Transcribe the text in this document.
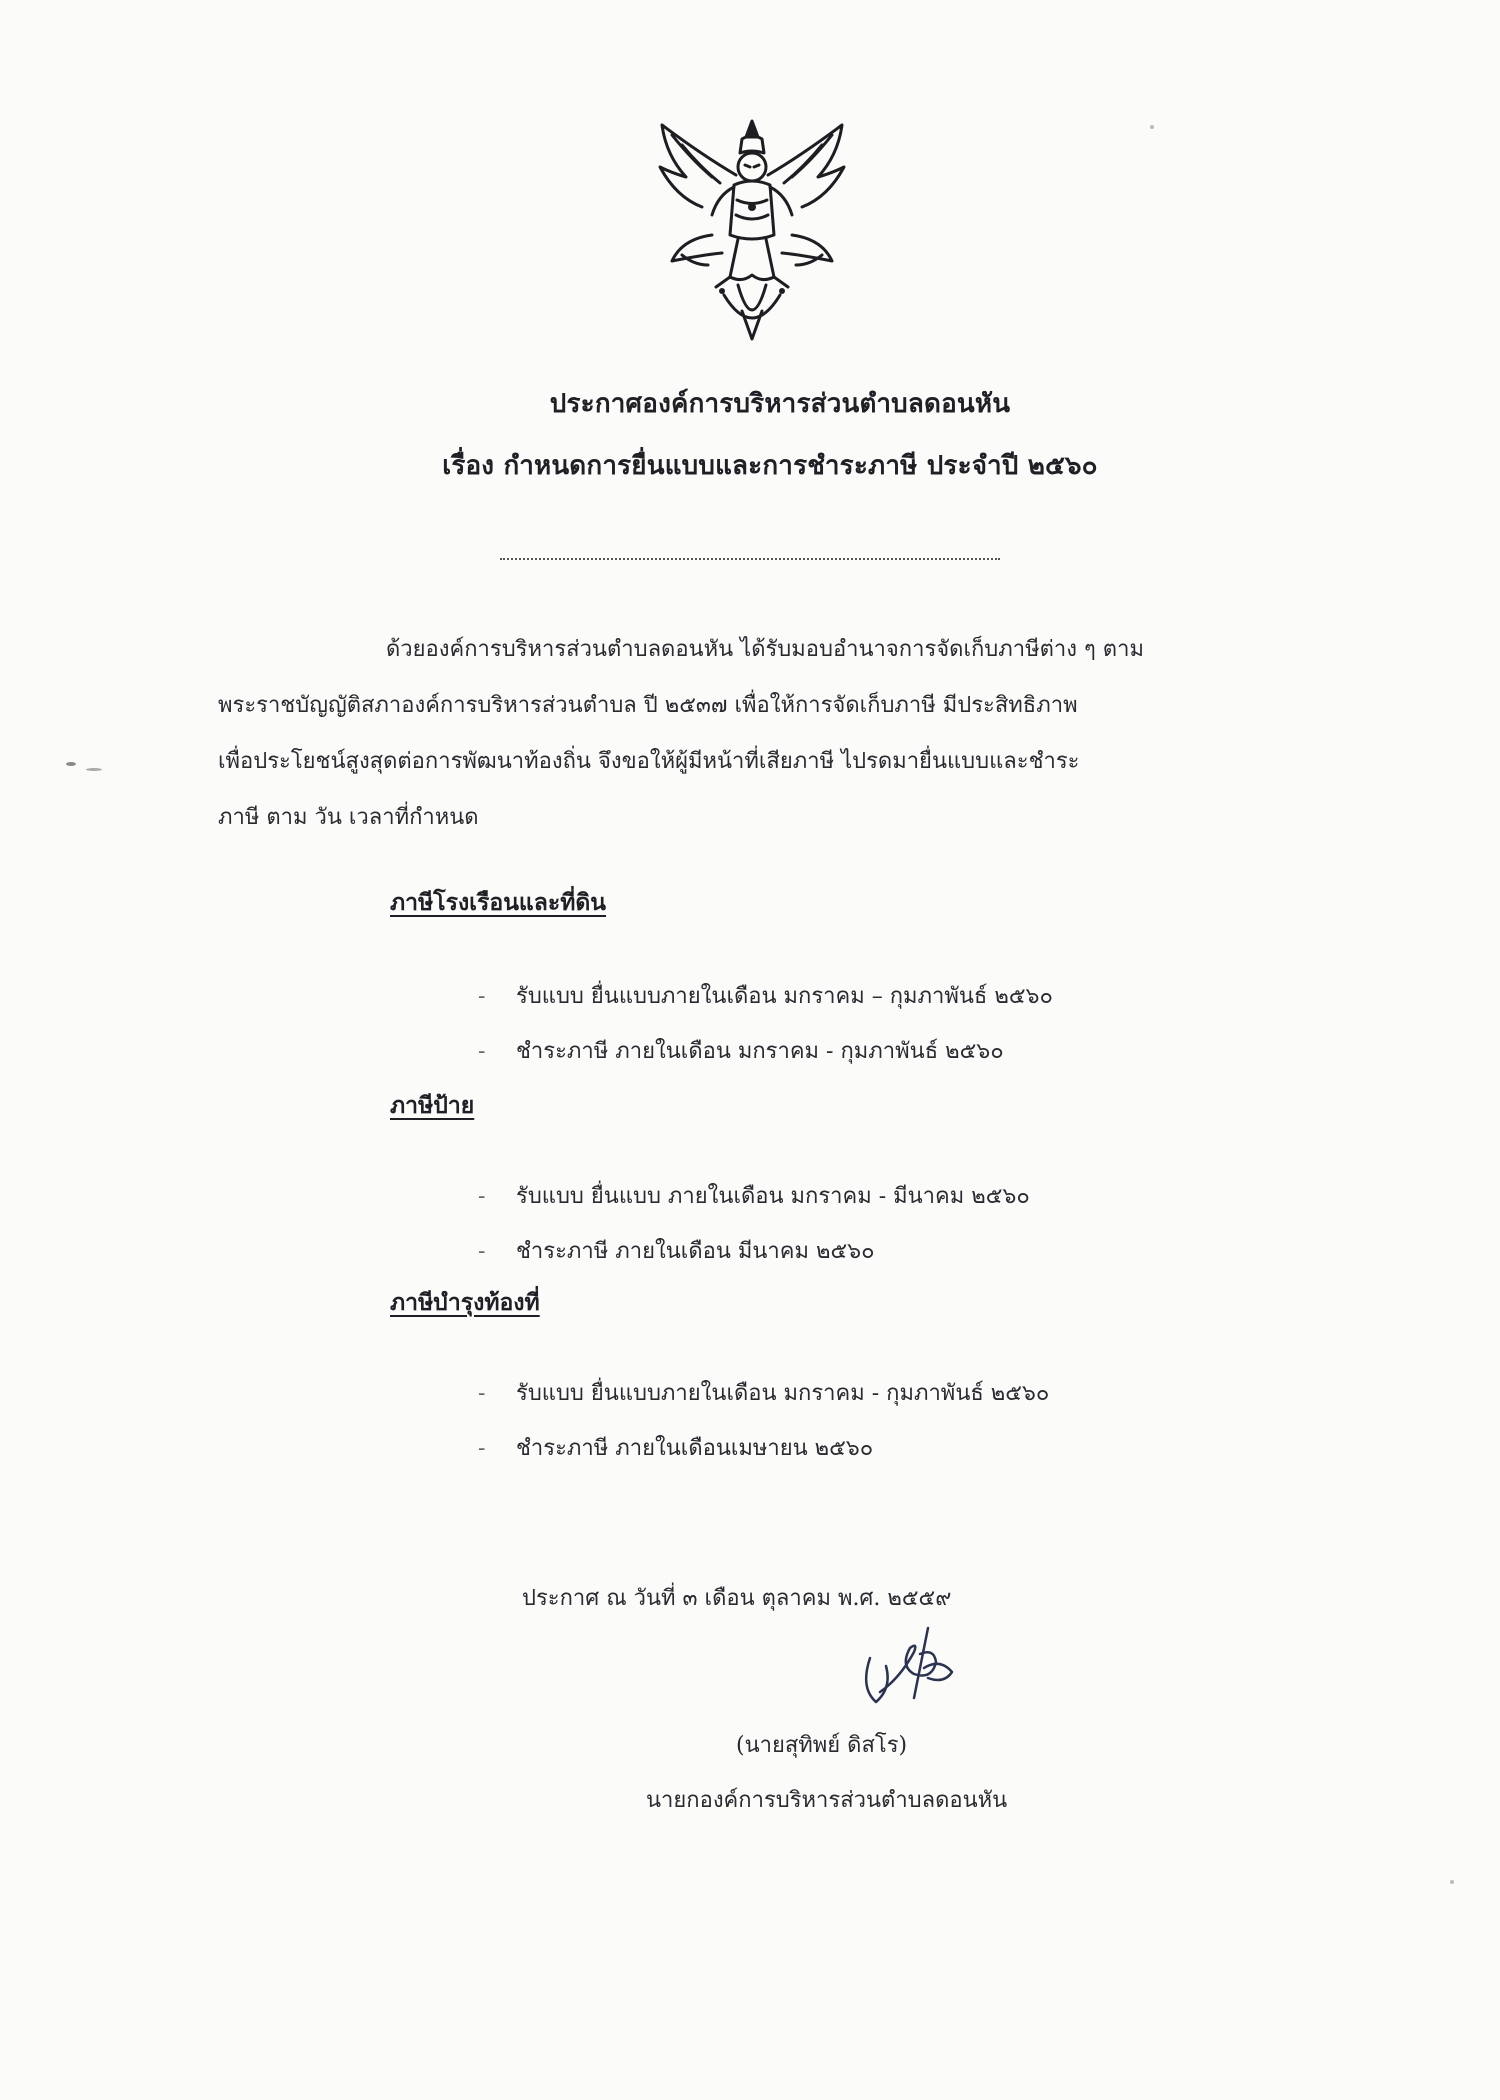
ประกาศองค์การบริหารส่วนตำบลดอนหัน
เรื่อง กำหนดการยื่นแบบและการชำระภาษี ประจำปี ๒๕๖๐
ด้วยองค์การบริหารส่วนตำบลดอนหัน ได้รับมอบอำนาจการจัดเก็บภาษีต่าง ๆ ตาม
พระราชบัญญัติสภาองค์การบริหารส่วนตำบล ปี ๒๕๓๗ เพื่อให้การจัดเก็บภาษี มีประสิทธิภาพ
เพื่อประโยชน์สูงสุดต่อการพัฒนาท้องถิ่น จึงขอให้ผู้มีหน้าที่เสียภาษี ไปรดมายื่นแบบและชำระ
ภาษี ตาม วัน เวลาที่กำหนด
ภาษีโรงเรือนและที่ดิน
- รับแบบ ยื่นแบบภายในเดือน มกราคม – กุมภาพันธ์ ๒๕๖๐
- ชำระภาษี ภายในเดือน มกราคม - กุมภาพันธ์ ๒๕๖๐
ภาษีป้าย
- รับแบบ ยื่นแบบ ภายในเดือน มกราคม - มีนาคม ๒๕๖๐
- ชำระภาษี ภายในเดือน มีนาคม ๒๕๖๐
ภาษีบำรุงท้องที่
- รับแบบ ยื่นแบบภายในเดือน มกราคม - กุมภาพันธ์ ๒๕๖๐
- ชำระภาษี ภายในเดือนเมษายน ๒๕๖๐
ประกาศ ณ วันที่ ๓ เดือน ตุลาคม พ.ศ. ๒๕๕๙
(นายสุทิพย์ ดิสโร)
นายกองค์การบริหารส่วนตำบลดอนหัน
